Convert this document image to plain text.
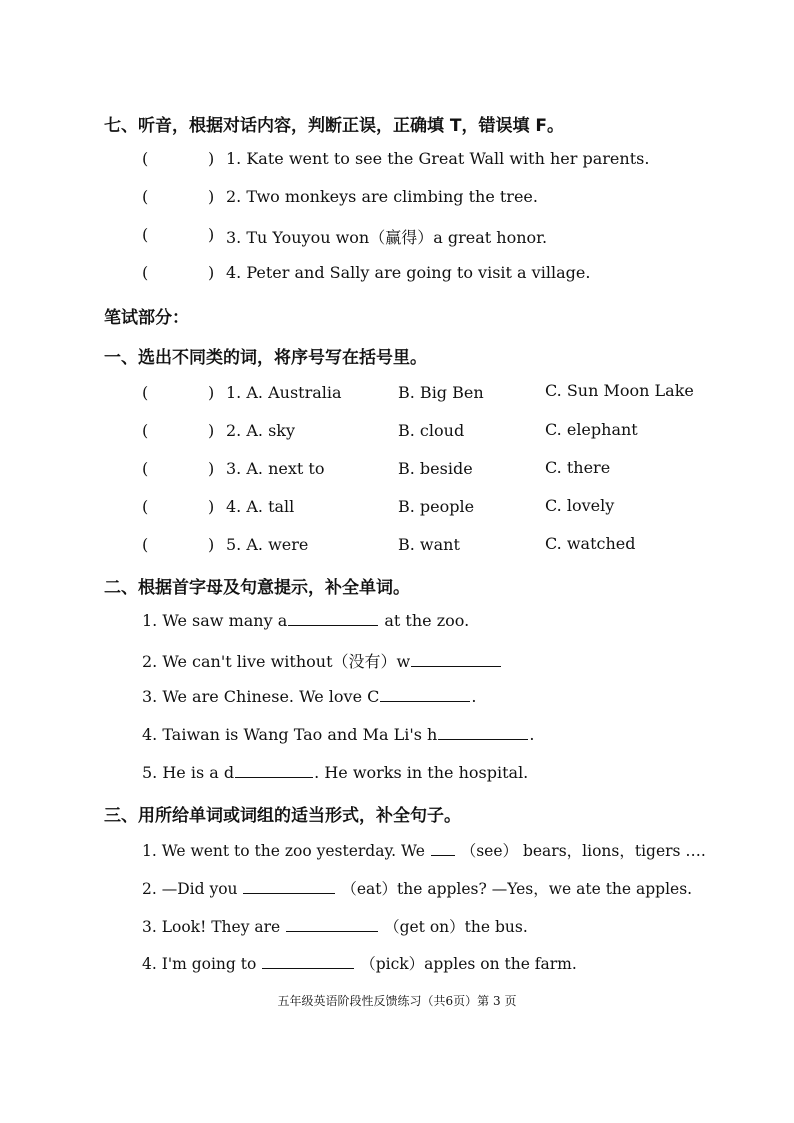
七、听音，根据对话内容，判断正误，正确填 T，错误填 F。
(	) 1. Kate went to see the Great Wall with her parents.
(	) 2. Two monkeys are climbing the tree.
(	) 3. Tu Youyou won（赢得）a great honor.
(	) 4. Peter and Sally are going to visit a village.
笔试部分：
一、选出不同类的词，将序号写在括号里。
(	) 1. A. Australia	B. Big Ben	C. Sun Moon Lake
(	) 2. A. sky	B. cloud	C. elephant
(	) 3. A. next to	B. beside	C. there
(	) 4. A. tall	B. people	C. lovely
(	) 5. A. were	B. want	C. watched
二、根据首字母及句意提示，补全单词。
1. We saw many a	at the zoo.
2. We can't live without（没有）w
3. We are Chinese. We love C	.
4. Taiwan is Wang Tao and Ma Li's h	.
5. He is a d	. He works in the hospital.
三、用所给单词或词组的适当形式，补全句子。
1. We went to the zoo yesterday. We  （see） bears，lions，tigers ….
2. —Did you	（eat）the apples? —Yes，we ate the apples.
3. Look! They are	（get on）the bus.
4. I'm going to	（pick）apples on the farm.
五年级英语阶段性反馈练习（共6页）第 3 页
